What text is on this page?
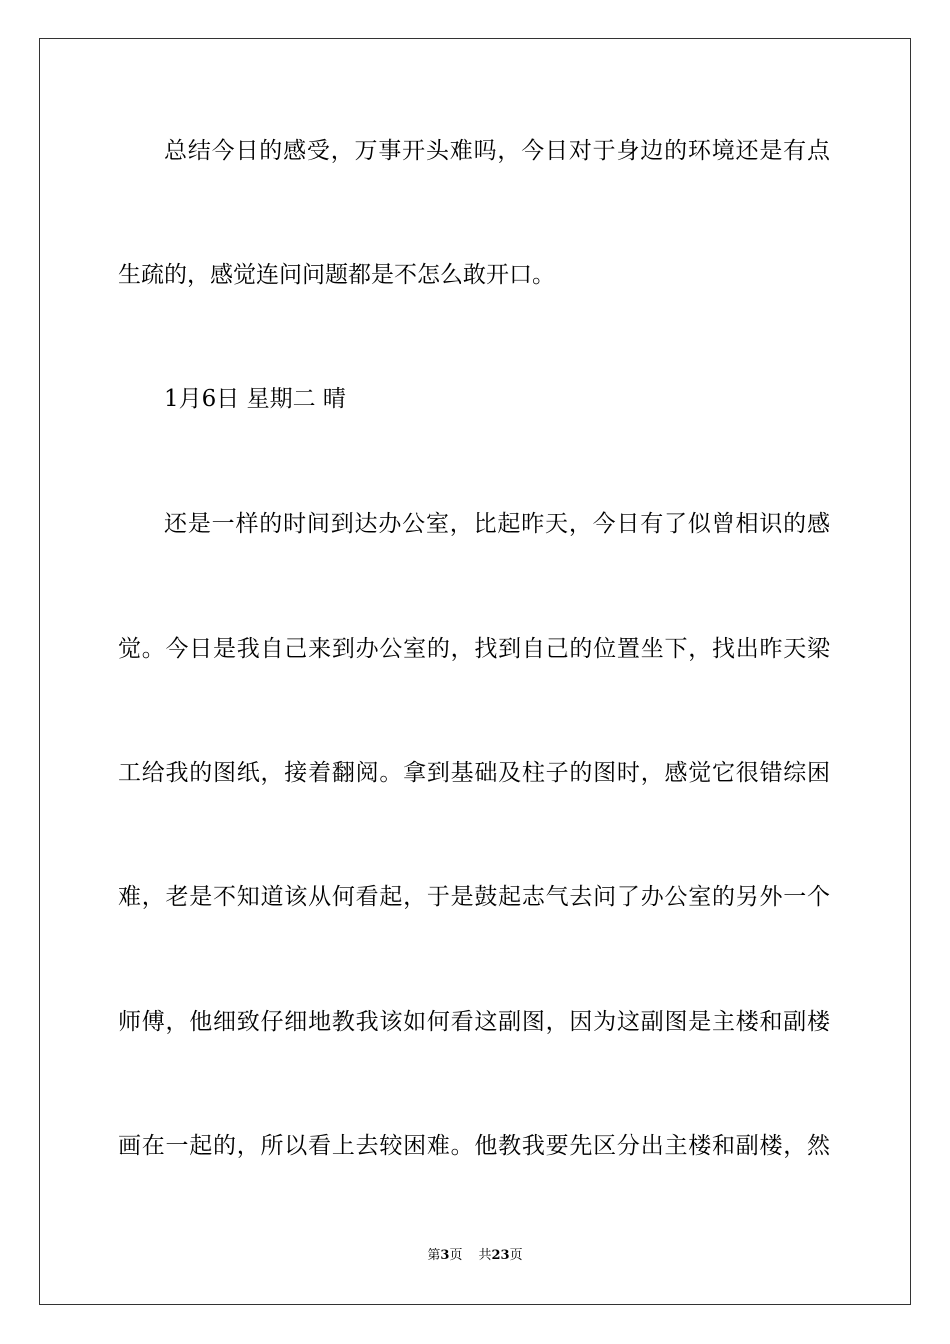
总结今日的感受，万事开头难吗，今日对于身边的环境还是有点
生疏的，感觉连问问题都是不怎么敢开口。
1月6日 星期二 晴
还是一样的时间到达办公室，比起昨天，今日有了似曾相识的感
觉。今日是我自己来到办公室的，找到自己的位置坐下，找出昨天梁
工给我的图纸，接着翻阅。拿到基础及柱子的图时，感觉它很错综困
难，老是不知道该从何看起，于是鼓起志气去问了办公室的另外一个
师傅，他细致仔细地教我该如何看这副图，因为这副图是主楼和副楼
画在一起的，所以看上去较困难。他教我要先区分出主楼和副楼，然
第3页 共23页
